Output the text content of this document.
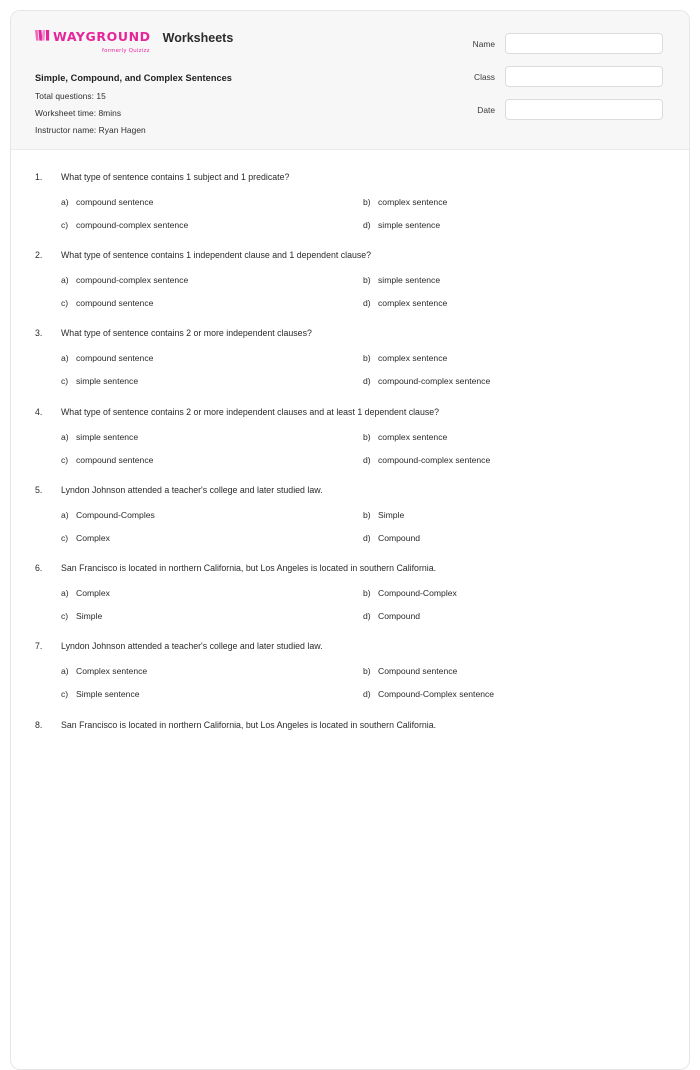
WAYGROUND
formerly Quizizz
Worksheets
Simple, Compound, and Complex Sentences
Total questions: 15
Worksheet time: 8mins
Instructor name: Ryan Hagen
Name
Class
Date
1.	What type of sentence contains 1 subject and 1 predicate?
a) compound sentence	b) complex sentence
c) compound-complex sentence	d) simple sentence
2.	What type of sentence contains 1 independent clause and 1 dependent clause?
a) compound-complex sentence	b) simple sentence
c) compound sentence	d) complex sentence
3.	What type of sentence contains 2 or more independent clauses?
a) compound sentence	b) complex sentence
c) simple sentence	d) compound-complex sentence
4.	What type of sentence contains 2 or more independent clauses and at least 1 dependent clause?
a) simple sentence	b) complex sentence
c) compound sentence	d) compound-complex sentence
5.	Lyndon Johnson attended a teacher's college and later studied law.
a) Compound-Comples	b) Simple
c) Complex	d) Compound
6.	San Francisco is located in northern California, but Los Angeles is located in southern California.
a) Complex	b) Compound-Complex
c) Simple	d) Compound
7.	Lyndon Johnson attended a teacher's college and later studied law.
a) Complex sentence	b) Compound sentence
c) Simple sentence	d) Compound-Complex sentence
8.	San Francisco is located in northern California, but Los Angeles is located in southern California.
